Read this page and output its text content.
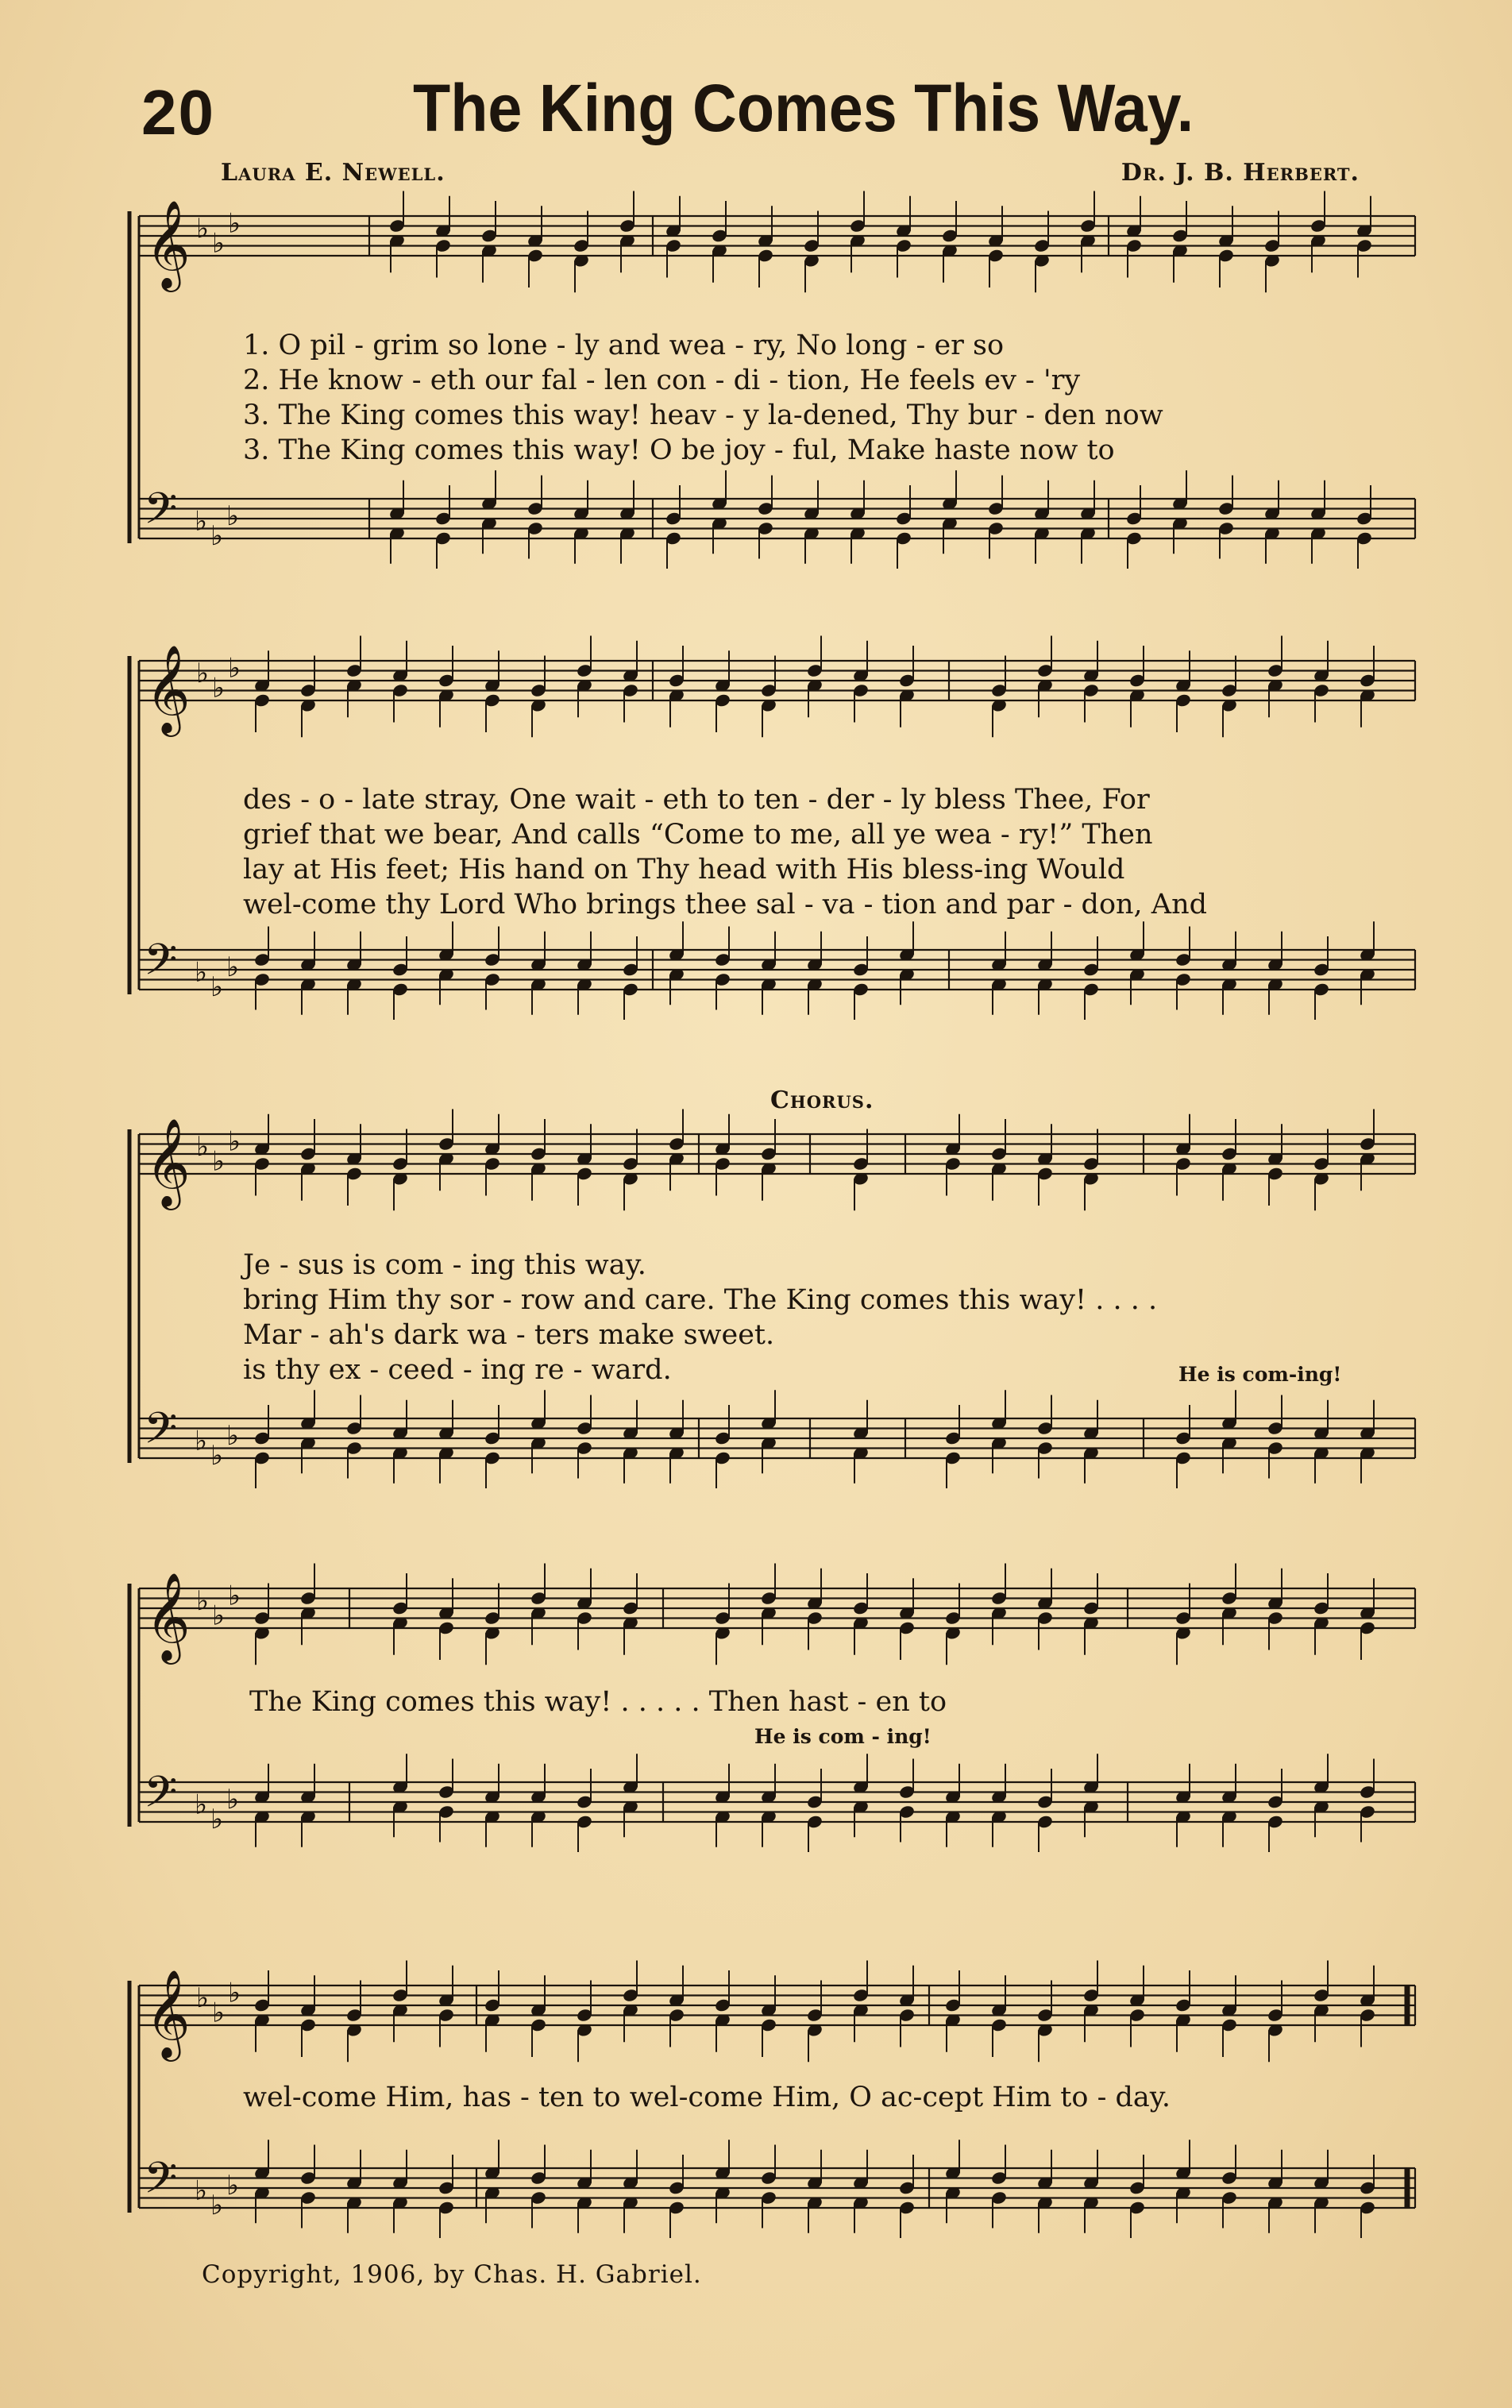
20	The King Comes This Way.
Laura E. Newell.	Dr. J. B. Herbert.
𝄞 ♭ ♭
♭
𝄢 ♭ ♭
♭
𝄞 ♭ ♭
♭
𝄢 ♭ ♭
♭
𝄞 ♭ ♭
♭
𝄢 ♭ ♭
♭
𝄞 ♭ ♭
♭
𝄢 ♭ ♭
♭
𝄞 ♭ ♭
♭
𝄢 ♭ ♭
♭
1. O pil - grim so lone - ly and wea - ry, No long - er so
2. He know - eth our fal - len con - di - tion, He feels ev - 'ry
3. The King comes this way! heav - y la-dened, Thy bur - den now
3. The King comes this way! O be joy - ful, Make haste now to
des - o - late stray, One wait - eth to ten - der - ly bless Thee, For
grief that we bear, And calls “Come to me, all ye wea - ry!” Then
lay at His feet; His hand on Thy head with His bless-ing Would
wel-come thy Lord Who brings thee sal - va - tion and par - don, And
Chorus.
Je - sus is com - ing this way.
bring Him thy sor - row and care. The King comes this way! . . . .
Mar - ah's dark wa - ters make sweet.
is thy ex - ceed - ing re - ward.	He is com-ing!
The King comes this way! . . . . . Then hast - en to
He is com - ing!
wel-come Him, has - ten to wel-come Him, O ac-cept Him to - day.
Copyright, 1906, by Chas. H. Gabriel.
